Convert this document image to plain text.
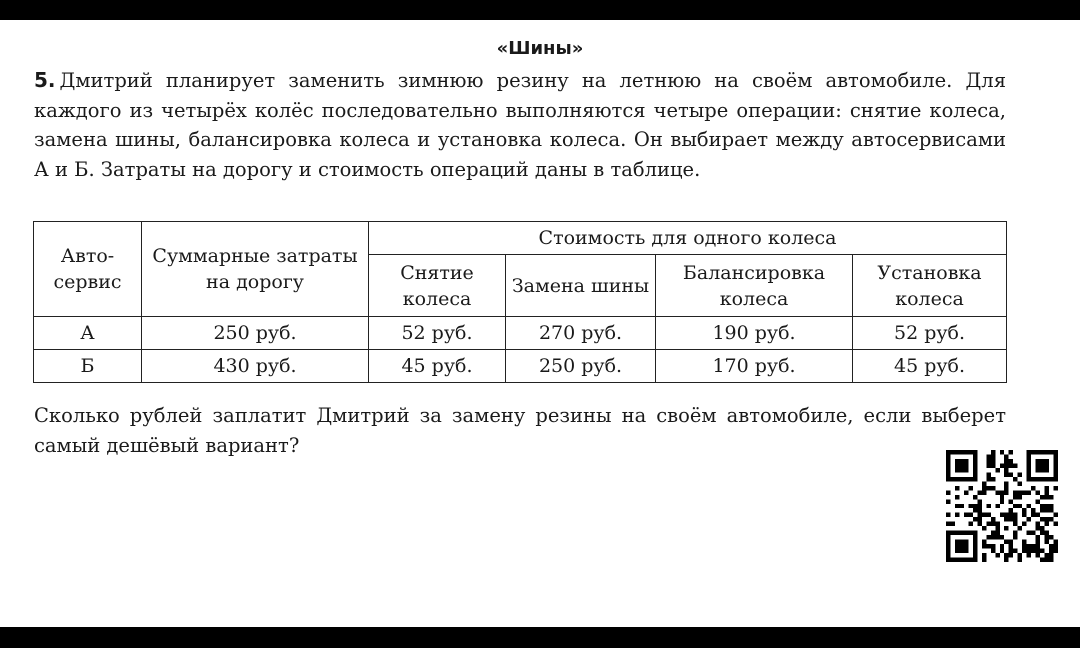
«Шины»
5. Дмитрий планирует заменить зимнюю резину на летнюю на своём автомобиле. Для каждого из четырёх колёс последовательно выполняются четыре операции: снятие колеса, замена шины, балансировка колеса и установка колеса. Он выбирает между автосервисами А и Б. Затраты на дорогу и стоимость операций даны в таблице.
Авто-сервис	Суммарные затраты на дорогу	Стоимость для одного колеса			
		Снятие колеса	Замена шины	Балансировка колеса	Установка колеса
А	250 руб.	52 руб.	270 руб.	190 руб.	52 руб.
Б	430 руб.	45 руб.	250 руб.	170 руб.	45 руб.
Сколько рублей заплатит Дмитрий за замену резины на своём автомобиле, если выберет самый дешёвый вариант?
